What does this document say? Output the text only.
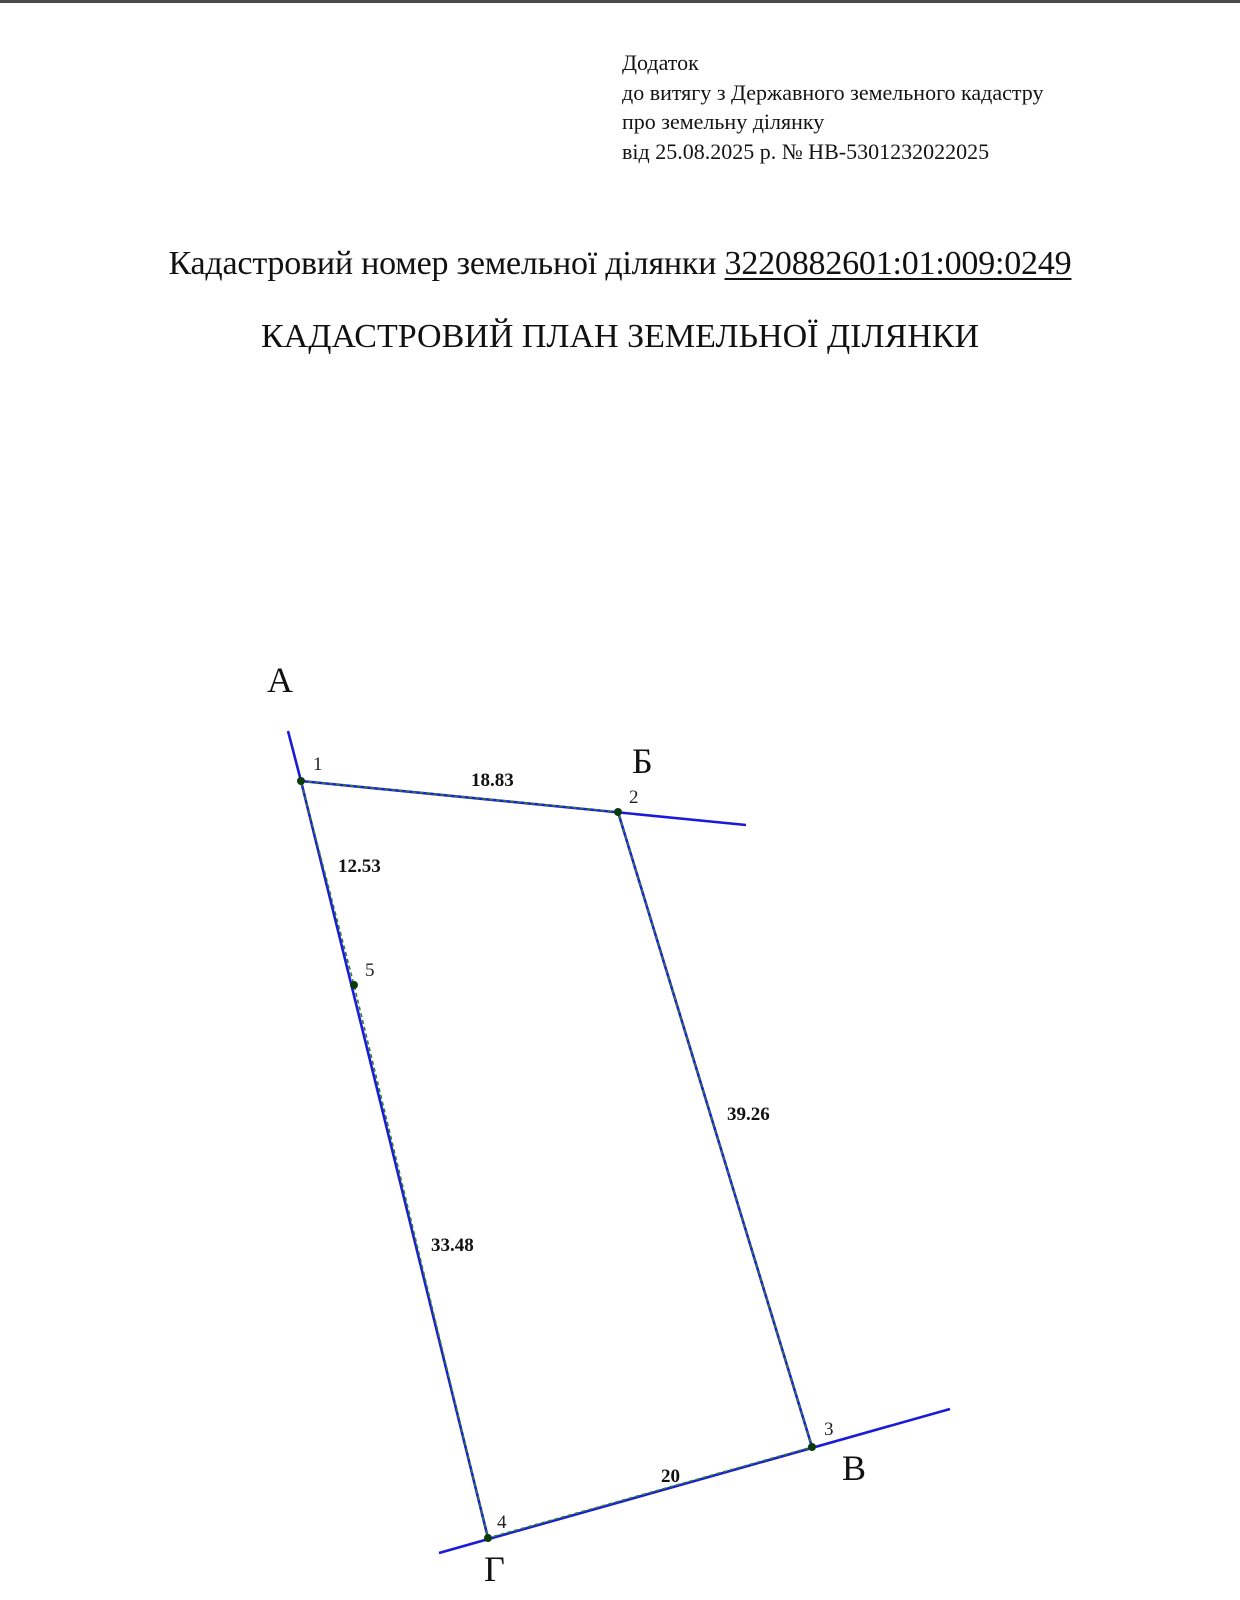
Додаток
до витягу з Державного земельного кадастру
про земельну ділянку
від 25.08.2025 р. № НВ-5301232022025
Кадастровий номер земельної ділянки 3220882601:01:009:0249
КАДАСТРОВИЙ ПЛАН ЗЕМЕЛЬНОЇ ДІЛЯНКИ
А
Б
В
Г
1
2
3
4
5
18.83
39.26
20
33.48
12.53
